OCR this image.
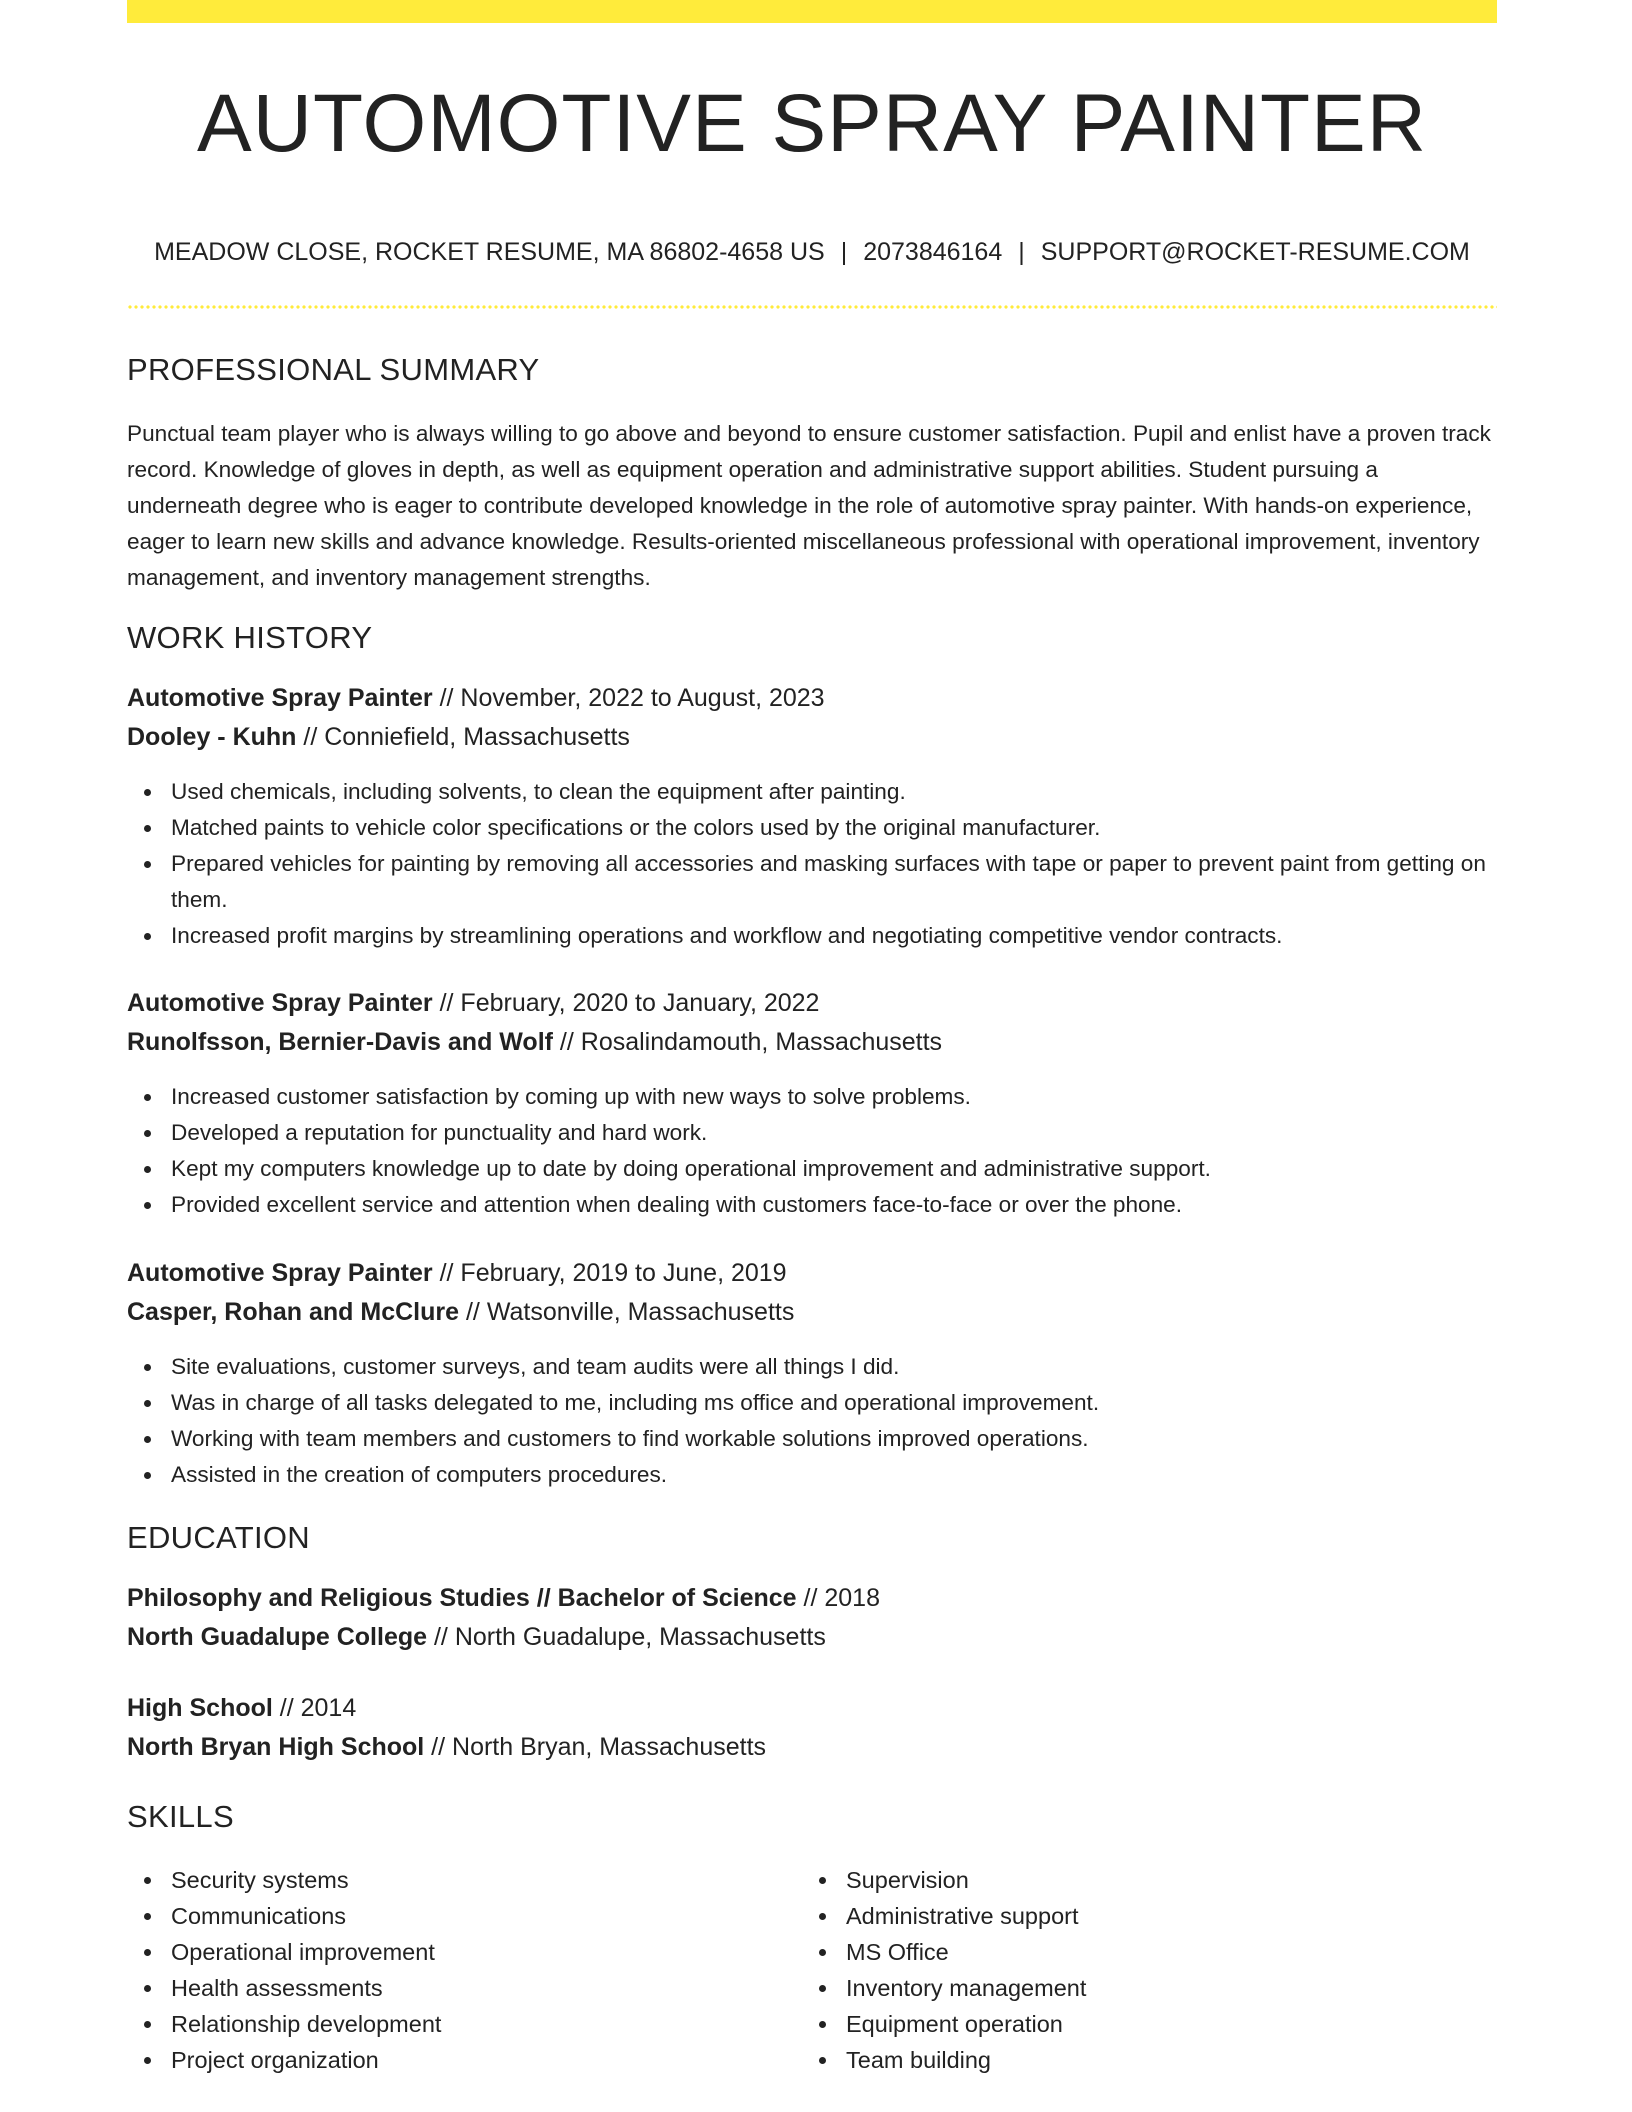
AUTOMOTIVE SPRAY PAINTER
MEADOW CLOSE, ROCKET RESUME, MA 86802-4658 US | 2073846164 | SUPPORT@ROCKET-RESUME.COM
PROFESSIONAL SUMMARY
Punctual team player who is always willing to go above and beyond to ensure customer satisfaction. Pupil and enlist have a proven track record. Knowledge of gloves in depth, as well as equipment operation and administrative support abilities. Student pursuing a underneath degree who is eager to contribute developed knowledge in the role of automotive spray painter. With hands-on experience, eager to learn new skills and advance knowledge. Results-oriented miscellaneous professional with operational improvement, inventory management, and inventory management strengths.
WORK HISTORY
Automotive Spray Painter // November, 2022 to August, 2023
Dooley - Kuhn // Conniefield, Massachusetts
Used chemicals, including solvents, to clean the equipment after painting.
Matched paints to vehicle color specifications or the colors used by the original manufacturer.
Prepared vehicles for painting by removing all accessories and masking surfaces with tape or paper to prevent paint from getting on them.
Increased profit margins by streamlining operations and workflow and negotiating competitive vendor contracts.
Automotive Spray Painter // February, 2020 to January, 2022
Runolfsson, Bernier-Davis and Wolf // Rosalindamouth, Massachusetts
Increased customer satisfaction by coming up with new ways to solve problems.
Developed a reputation for punctuality and hard work.
Kept my computers knowledge up to date by doing operational improvement and administrative support.
Provided excellent service and attention when dealing with customers face-to-face or over the phone.
Automotive Spray Painter // February, 2019 to June, 2019
Casper, Rohan and McClure // Watsonville, Massachusetts
Site evaluations, customer surveys, and team audits were all things I did.
Was in charge of all tasks delegated to me, including ms office and operational improvement.
Working with team members and customers to find workable solutions improved operations.
Assisted in the creation of computers procedures.
EDUCATION
Philosophy and Religious Studies // Bachelor of Science // 2018
North Guadalupe College // North Guadalupe, Massachusetts
High School // 2014
North Bryan High School // North Bryan, Massachusetts
SKILLS
Security systems
Communications
Operational improvement
Health assessments
Relationship development
Project organization
Supervision
Administrative support
MS Office
Inventory management
Equipment operation
Team building
